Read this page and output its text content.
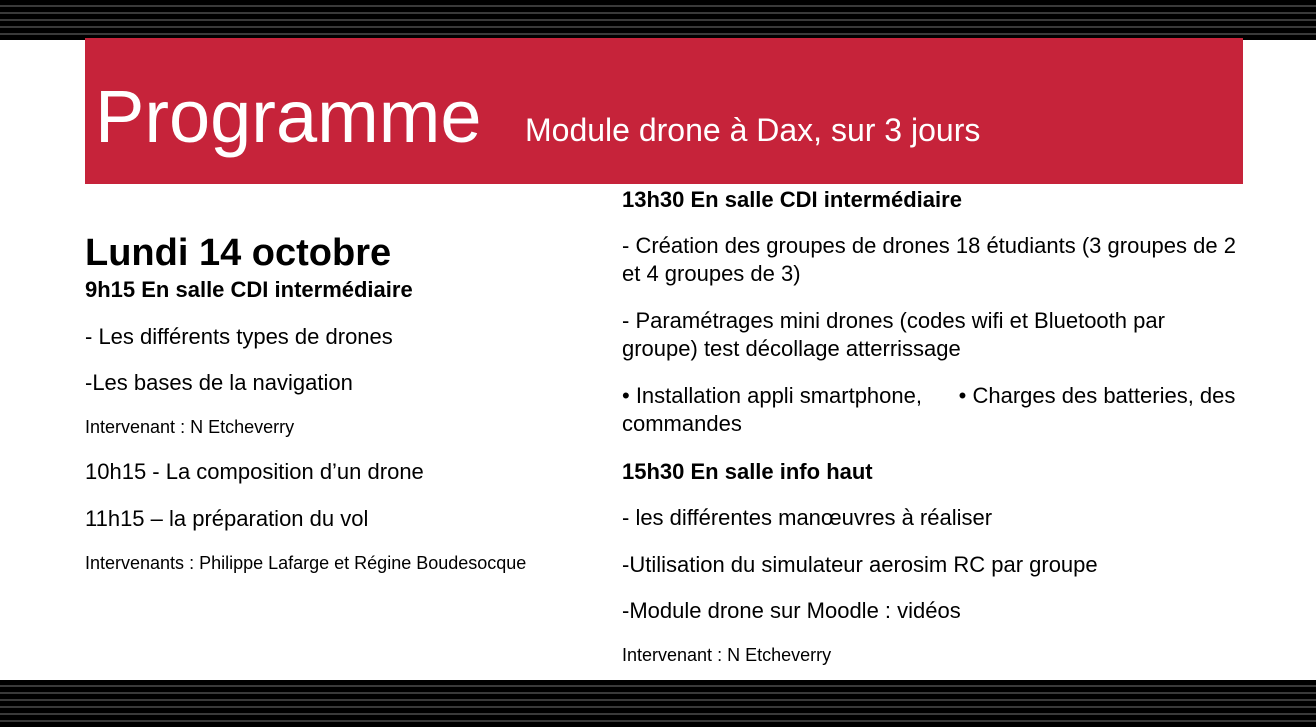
Programme Module drone à Dax, sur 3 jours
Lundi 14 octobre
9h15 En salle CDI intermédiaire
- Les différents types de drones
-Les bases de la navigation
Intervenant : N Etcheverry
10h15 - La composition d’un drone
11h15 – la préparation du vol
Intervenants : Philippe Lafarge et Régine Boudesocque
13h30 En salle CDI intermédiaire
- Création des groupes de drones 18 étudiants (3 groupes de 2 et 4 groupes de 3)
- Paramétrages mini drones (codes wifi et Bluetooth par groupe) test décollage atterrissage
• Installation appli smartphone,      • Charges des batteries, des commandes
15h30 En salle info haut
- les différentes manœuvres à réaliser
-Utilisation du simulateur aerosim RC par groupe
-Module drone sur Moodle : vidéos
Intervenant : N Etcheverry
